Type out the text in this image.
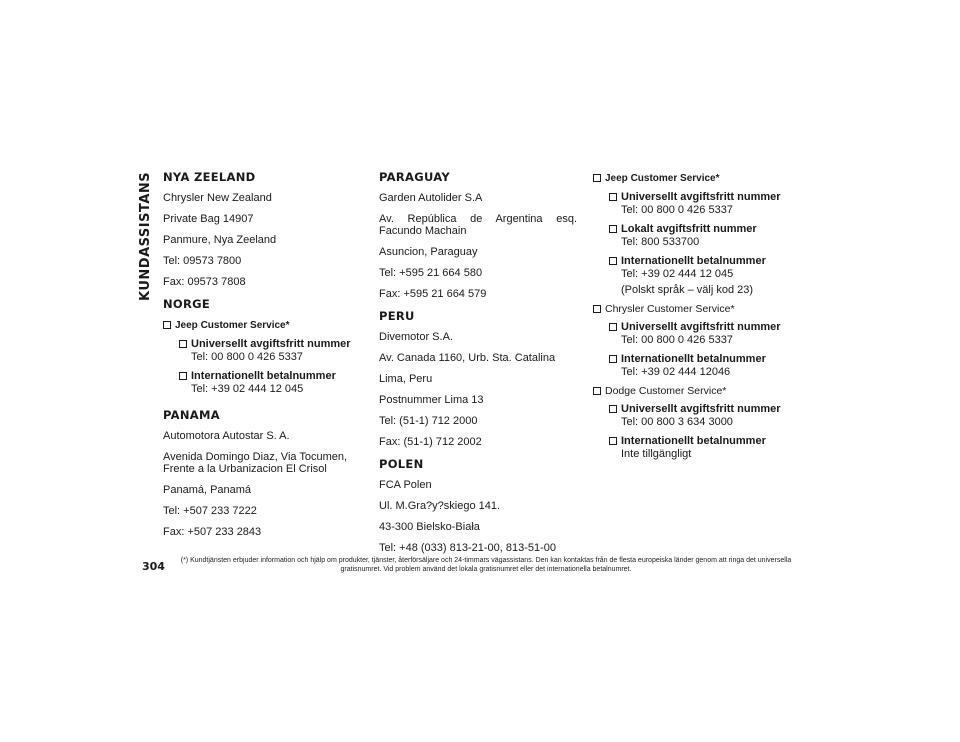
KUNDASSISTANS NYA ZEELAND

Chrysler New Zealand

Private Bag 14907

Panmure, Nya Zeeland

Tel: 09573 7800

Fax: 09573 7808

NORGE
Jeep Customer Service*
Universellt avgiftsfritt nummer
Tel: 00 800 0 426 5337
Internationellt betalnummer
Tel: +39 02 444 12 045
PANAMA

Automotora Autostar S. A.

Avenida Domingo Diaz, Via Tocumen, Frente a la Urbanizacion El Crisol

Panamá, Panamá

Tel: +507 233 7222

Fax: +507 233 2843

PARAGUAY

Garden Autolider S.A

Av. República de Argentina esq. Facundo Machain

Asuncion, Paraguay

Tel: +595 21 664 580

Fax: +595 21 664 579

PERU

Divemotor S.A.

Av. Canada 1160, Urb. Sta. Catalina

Lima, Peru

Postnummer Lima 13

Tel: (51-1) 712 2000

Fax: (51-1) 712 2002

POLEN

FCA Polen

Ul. M.Gra?y?skiego 141.

43-300 Bielsko-Biała

Tel: +48 (033) 813-21-00, 813-51-00

Jeep Customer Service*
Universellt avgiftsfritt nummer
Tel: 00 800 0 426 5337
Lokalt avgiftsfritt nummer
Tel: 800 533700
Internationellt betalnummer
Tel: +39 02 444 12 045
(Polskt språk – välj kod 23)
Chrysler Customer Service*
Universellt avgiftsfritt nummer
Tel: 00 800 0 426 5337
Internationellt betalnummer
Tel: +39 02 444 12046
Dodge Customer Service*
Universellt avgiftsfritt nummer
Tel: 00 800 3 634 3000
Internationellt betalnummer
Inte tillgängligt
304	(*) Kundtjänsten erbjuder information och hjälp om produkter, tjänster, återförsäljare och 24-timmars vägassistans. Den kan kontaktas från de flesta europeiska länder genom att ringa det universella gratisnumret. Vid problem använd det lokala gratisnumret eller det internationella betalnumret.
